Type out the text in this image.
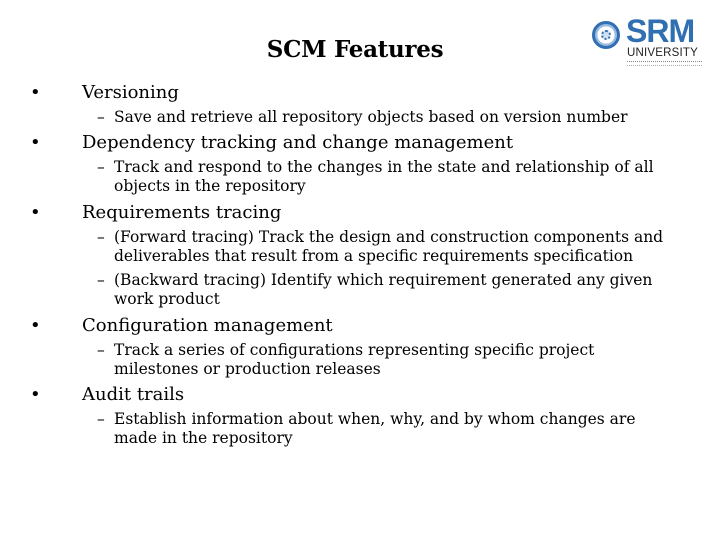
SCM Features
SRM
UNIVERSITY
• Versioning
– Save and retrieve all repository objects based on version number
• Dependency tracking and change management
– Track and respond to the changes in the state and relationship of all
objects in the repository
• Requirements tracing
– (Forward tracing) Track the design and construction components and
deliverables that result from a specific requirements specification
– (Backward tracing) Identify which requirement generated any given
work product
• Configuration management
– Track a series of configurations representing specific project
milestones or production releases
• Audit trails
– Establish information about when, why, and by whom changes are
made in the repository
